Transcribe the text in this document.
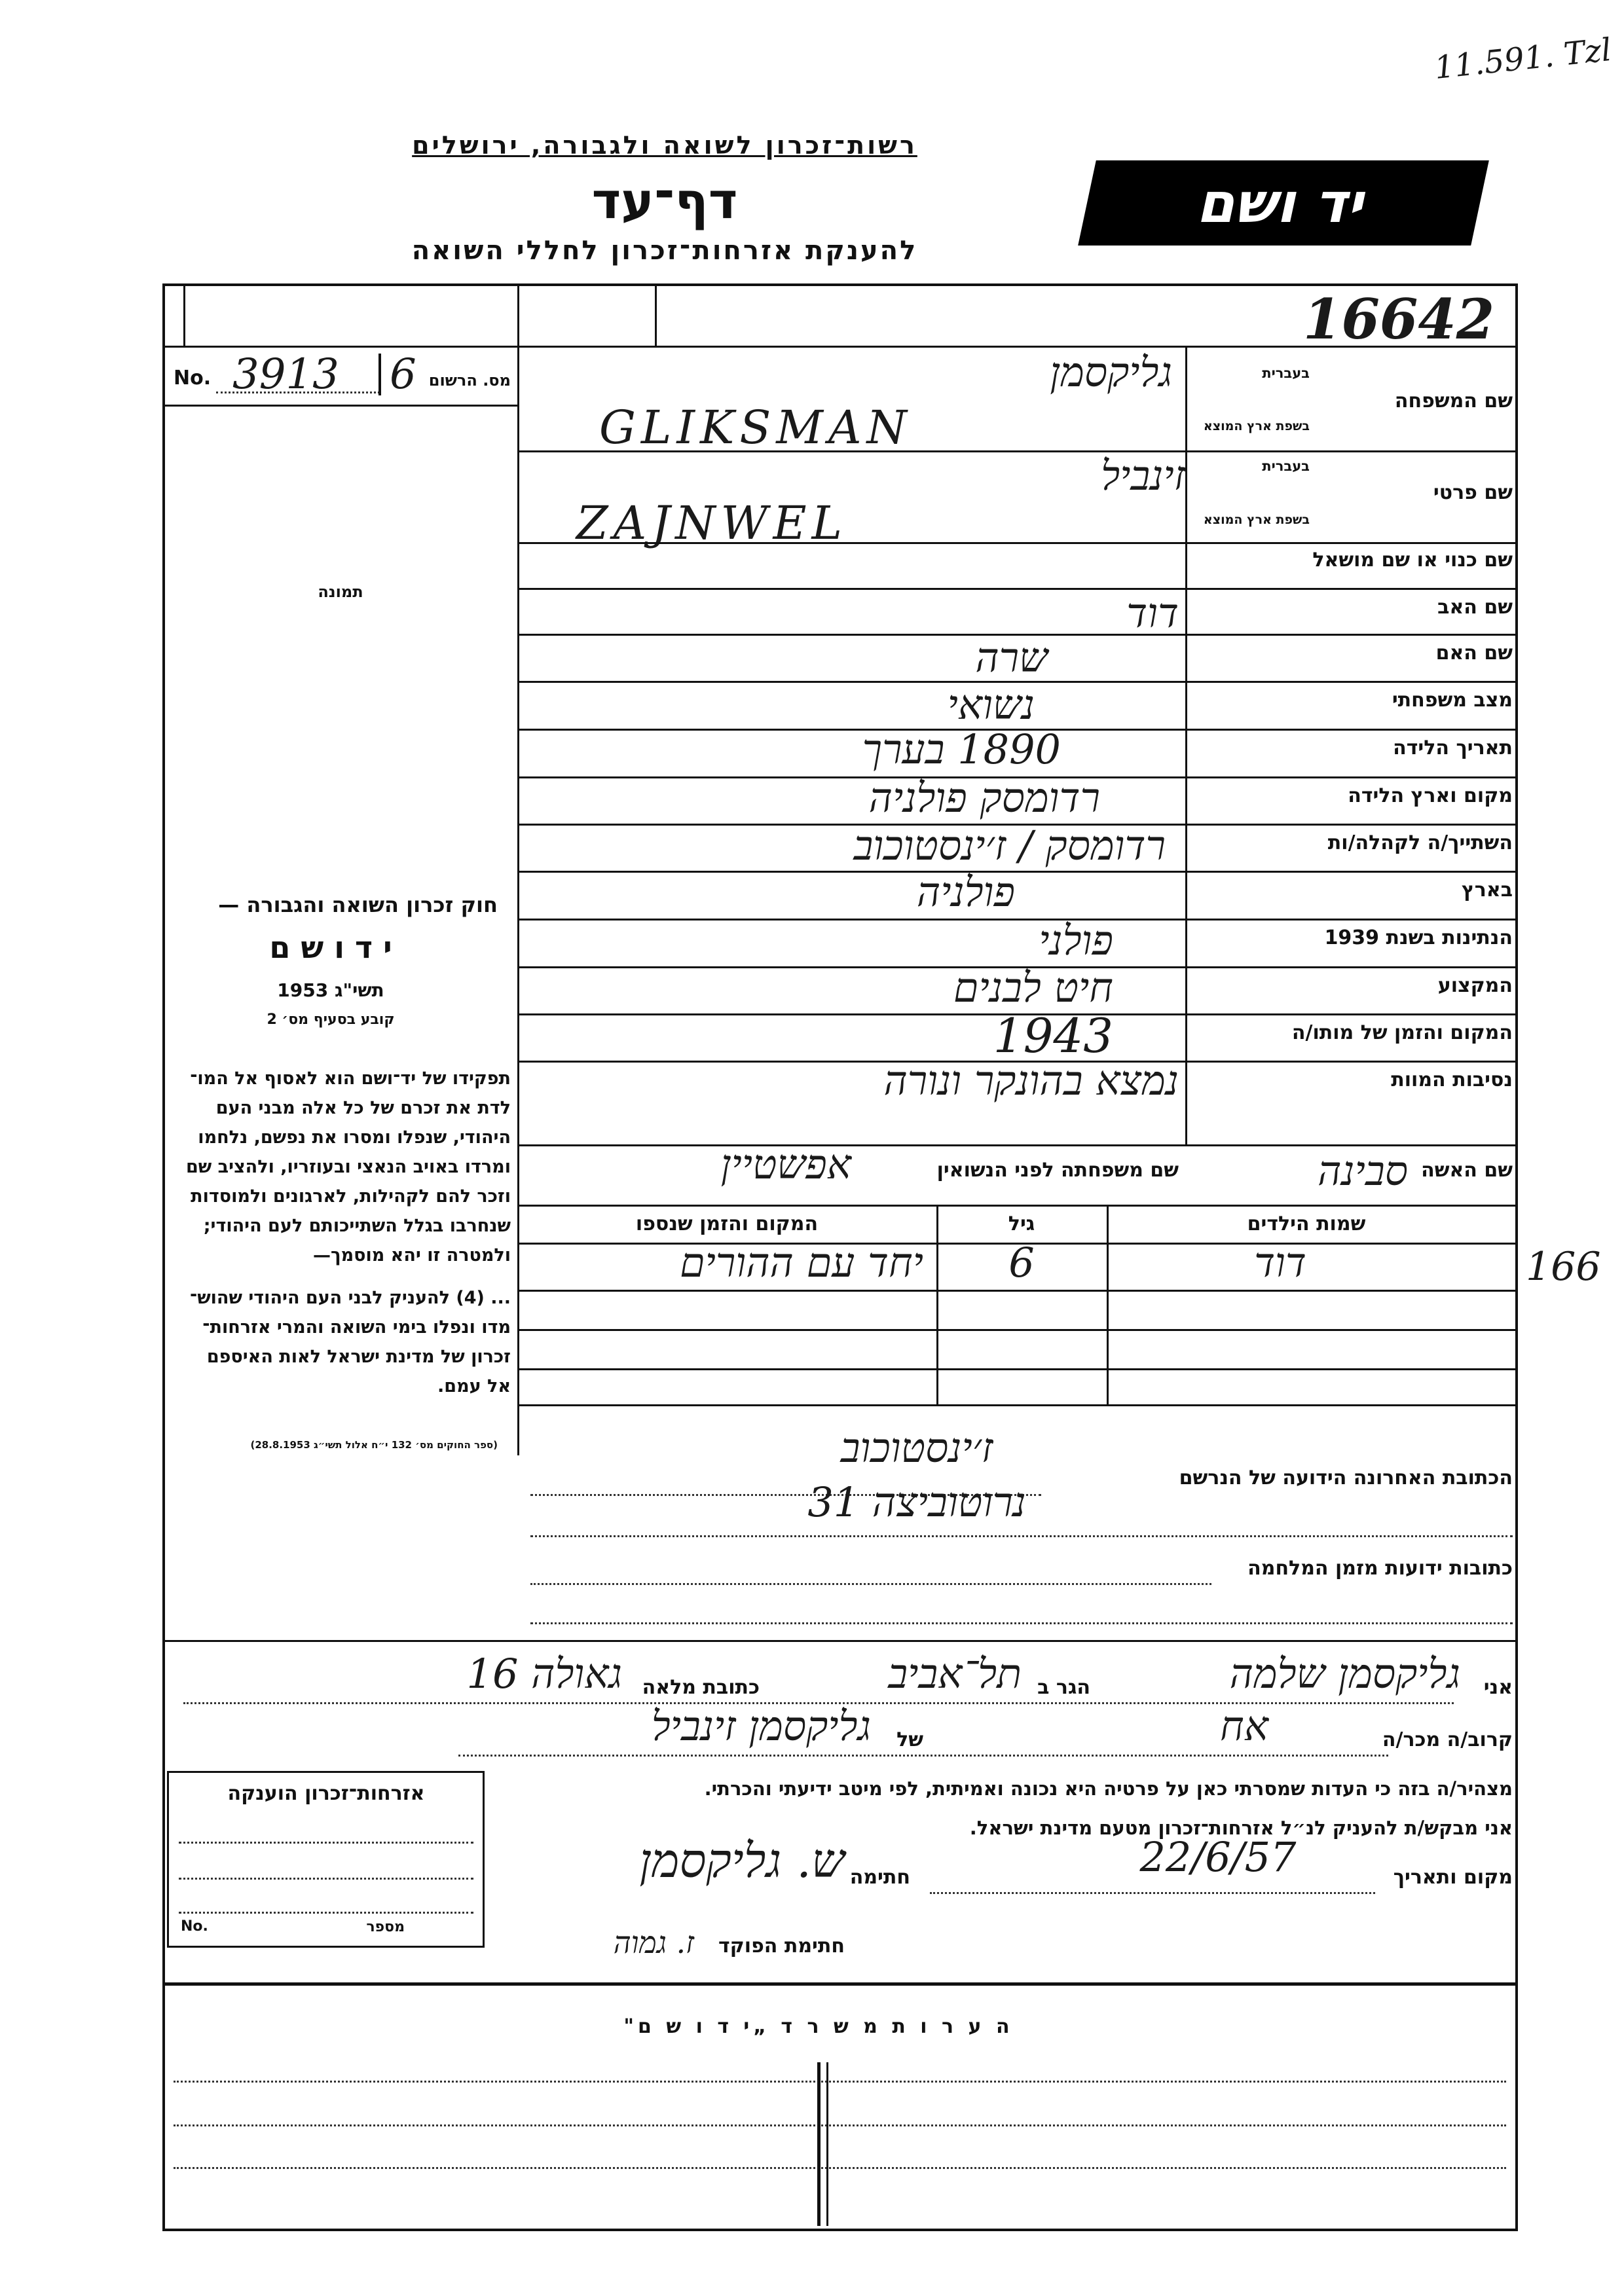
11.591. Tzl
רשות־זכרון לשואה ולגבורה, ירושלים
דף־עד
להענקת אזרחות־זכרון לחללי השואה
יד ושם
16642
No. 3913 6 מס. הרשום
תמונה
חוק זכרון השואה והגבורה —
י ד ו ש ם
תשי"ג 1953
קובע בסעיף מס׳ 2
תפקידו של יד־ושם הוא לאסוף אל המו־
לדת את זכרם של כל אלה מבני העם
היהודי, שנפלו ומסרו את נפשם, נלחמו
ומרדו באויב הנאצי ובעוזריו, ולהציב שם
וזכר להם לקהילות, לארגונים ולמוסדות
שנחרבו בגלל השתייכותם לעם היהודי;
ולמטרה זו יהא מוסמך—
... (4) להעניק לבני העם היהודי שהוש־
מדו ונפלו בימי השואה והמרי אזרחות־
זכרון של מדינת ישראל לאות האיספם
אל עמם.
(ספר החוקים מס׳ 132 י״ח אלול תשי״ג 28.8.1953)
בעברית
בשפת ארץ המוצא
שם המשפחה
גליקסמן
GLIKSMAN
בעברית
בשפת ארץ המוצא
שם פרטי
זינביל
ZAJNWEL
שם כנוי או שם מושאל
שם האב
דוד
שם האם
שרה
מצב משפחתי
נשואי
תאריך הלידה
1890 בערך
מקום וארץ הלידה
רדומסק פולניה
השתייך/ה לקהלה/ות
רדומסק / ז׳ינסטוכוב
בארץ
פולניה
הנתינות בשנת 1939
פולני
המקצוע
חיט לבנים
המקום והזמן של מותו/ה
1943
נסיבות המוות
נמצא בהונקר ונורה
שם האשה
סבינה
שם משפחתה לפני הנשואין
אפשטיין
שמות הילדים
גיל
המקום והזמן שנספו
דוד
6
יחד עם ההורים	166
ז׳ינסטוכוב
הכתובת האחרונה הידועה של הנרשם
נרוטוביצה 31
כתובות ידועות מזמן המלחמה
אני
גליקסמן שלמה
הגר ב
תל־אביב
כתובת מלאה
גאולה 16
קרוב/ה מכר/ה
אח
של
גליקסמן זינביל
מצהיר/ה בזה כי העדות שמסרתי כאן על פרטיה היא נכונה ואמיתית, לפי מיטב ידיעתי והכרתי.
אני מבקש/ת להעניק לנ״ל אזרחות־זכרון מטעם מדינת ישראל.
מקום ותאריך
22/6/57
חתימה
ש. גליקסמן
חתימת הפוקד
ז. גמוה
אזרחות־זכרון הוענקה
No.	מספר
ה ע ר ו ת מ ש ר ד „י ד ו ש ם"
